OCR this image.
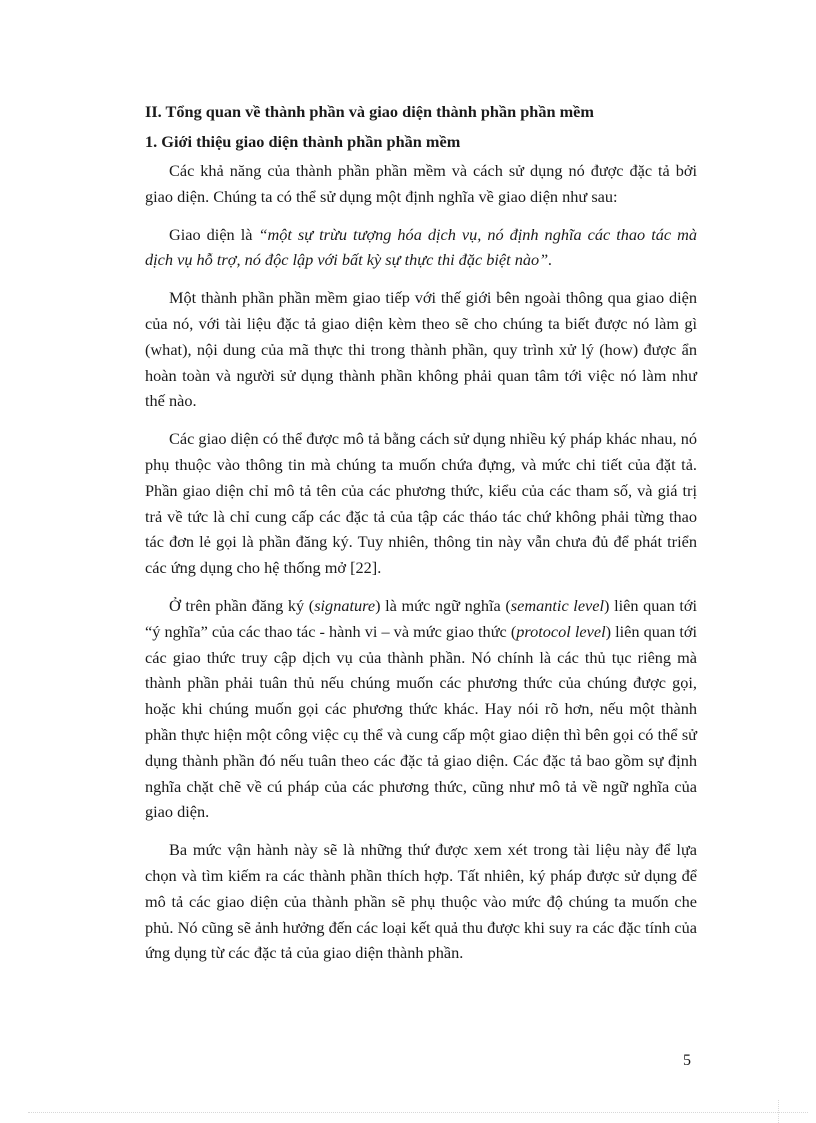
II. Tổng quan về thành phần và giao diện thành phần phần mềm
1. Giới thiệu giao diện thành phần phần mềm

Các khả năng của thành phần phần mềm và cách sử dụng nó được đặc tả bởi giao diện. Chúng ta có thể sử dụng một định nghĩa về giao diện như sau:

Giao diện là “một sự trừu tượng hóa dịch vụ, nó định nghĩa các thao tác mà dịch vụ hỗ trợ, nó độc lập với bất kỳ sự thực thi đặc biệt nào”.

Một thành phần phần mềm giao tiếp với thế giới bên ngoài thông qua giao diện của nó, với tài liệu đặc tả giao diện kèm theo sẽ cho chúng ta biết được nó làm gì (what), nội dung của mã thực thi trong thành phần, quy trình xử lý (how) được ẩn hoàn toàn và người sử dụng thành phần không phải quan tâm tới việc nó làm như thế nào.

Các giao diện có thể được mô tả bằng cách sử dụng nhiều ký pháp khác nhau, nó phụ thuộc vào thông tin mà chúng ta muốn chứa đựng, và mức chi tiết của đặt tả. Phần giao diện chỉ mô tả tên của các phương thức, kiểu của các tham số, và giá trị trả về tức là chỉ cung cấp các đặc tả của tập các tháo tác chứ không phải từng thao tác đơn lẻ gọi là phần đăng ký. Tuy nhiên, thông tin này vẫn chưa đủ để phát triển các ứng dụng cho hệ thống mở [22].

Ở trên phần đăng ký (signature) là mức ngữ nghĩa (semantic level) liên quan tới “ý nghĩa” của các thao tác - hành vi – và mức giao thức (protocol level) liên quan tới các giao thức truy cập dịch vụ của thành phần. Nó chính là các thủ tục riêng mà thành phần phải tuân thủ nếu chúng muốn các phương thức của chúng được gọi, hoặc khi chúng muốn gọi các phương thức khác. Hay nói rõ hơn, nếu một thành phần thực hiện một công việc cụ thể và cung cấp một giao diện thì bên gọi có thể sử dụng thành phần đó nếu tuân theo các đặc tả giao diện. Các đặc tả bao gồm sự định nghĩa chặt chẽ về cú pháp của các phương thức, cũng như mô tả về ngữ nghĩa của giao diện.

Ba mức vận hành này sẽ là những thứ được xem xét trong tài liệu này để lựa chọn và tìm kiếm ra các thành phần thích hợp. Tất nhiên, ký pháp được sử dụng để mô tả các giao diện của thành phần sẽ phụ thuộc vào mức độ chúng ta muốn che phủ. Nó cũng sẽ ảnh hưởng đến các loại kết quả thu được khi suy ra các đặc tính của ứng dụng từ các đặc tả của giao diện thành phần.

5
